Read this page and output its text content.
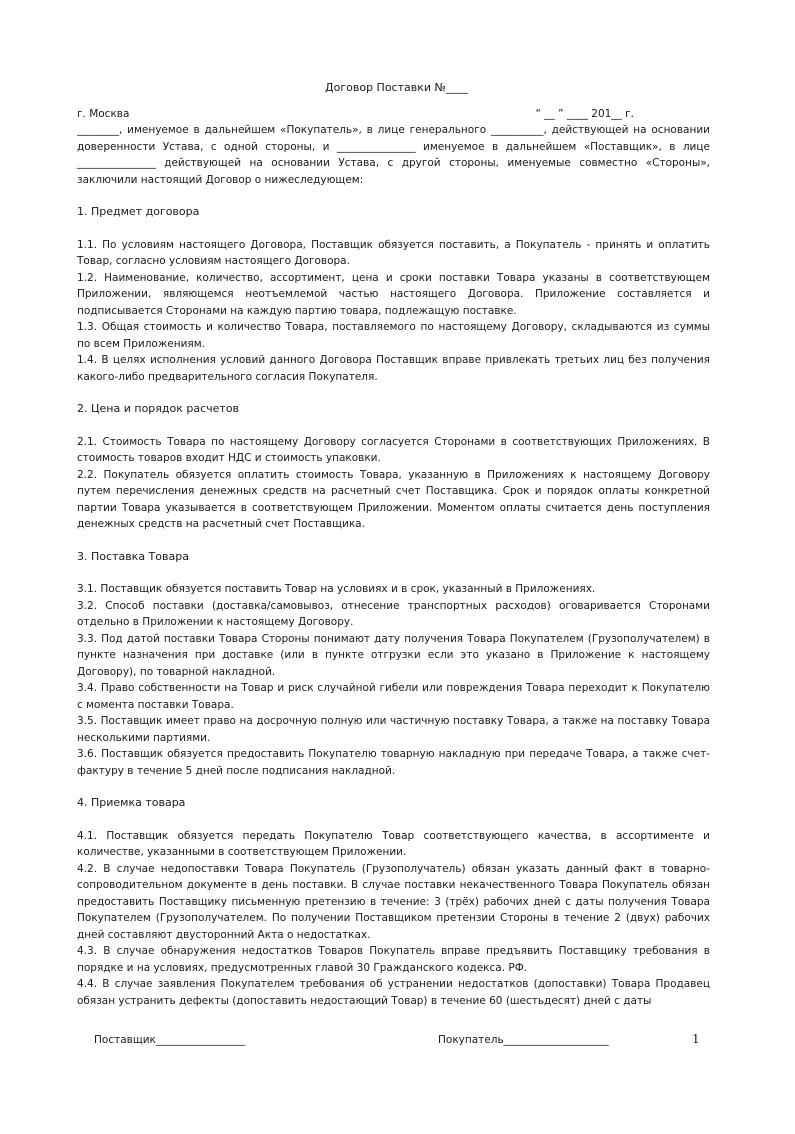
Договор Поставки №____

г. Москва	“ __ ” ____ 201__ г.

________, именуемое в дальнейшем «Покупатель», в лице генерального __________, действующей на основании доверенности Устава, с одной стороны, и _______________ именуемое в дальнейшем «Поставщик», в лице _______________ действующей на основании Устава, с другой стороны, именуемые совместно «Стороны», заключили настоящий Договор о нижеследующем:

1. Предмет договора

1.1. По условиям настоящего Договора, Поставщик обязуется поставить, а Покупатель - принять и оплатить Товар, согласно условиям настоящего Договора.

1.2. Наименование, количество, ассортимент, цена и сроки поставки Товара указаны в соответствующем Приложении, являющемся неотъемлемой частью настоящего Договора. Приложение составляется и подписывается Сторонами на каждую партию товара, подлежащую поставке.

1.3. Общая стоимость и количество Товара, поставляемого по настоящему Договору, складываются из суммы по всем Приложениям.

1.4. В целях исполнения условий данного Договора Поставщик вправе привлекать третьих лиц без получения какого-либо предварительного согласия Покупателя.

2. Цена и порядок расчетов

2.1. Стоимость Товара по настоящему Договору согласуется Сторонами в соответствующих Приложениях. В стоимость товаров входит НДС и стоимость упаковки.

2.2. Покупатель обязуется оплатить стоимость Товара, указанную в Приложениях к настоящему Договору путем перечисления денежных средств на расчетный счет Поставщика. Срок и порядок оплаты конкретной партии Товара указывается в соответствующем Приложении. Моментом оплаты считается день поступления денежных средств на расчетный счет Поставщика.

3. Поставка Товара

3.1. Поставщик обязуется поставить Товар на условиях и в срок, указанный в Приложениях.

3.2. Способ поставки (доставка/самовывоз, отнесение транспортных расходов) оговаривается Сторонами отдельно в Приложении к настоящему Договору.

3.3. Под датой поставки Товара Стороны понимают дату получения Товара Покупателем (Грузополучателем) в пункте назначения при доставке (или в пункте отгрузки если это указано в Приложение к настоящему Договору), по товарной накладной.

3.4. Право собственности на Товар и риск случайной гибели или повреждения Товара переходит к Покупателю с момента поставки Товара.

3.5. Поставщик имеет право на досрочную полную или частичную поставку Товара, а также на поставку Товара несколькими партиями.

3.6. Поставщик обязуется предоставить Покупателю товарную накладную при передаче Товара, а также счет-фактуру в течение 5 дней после подписания накладной.

4. Приемка товара

4.1. Поставщик обязуется передать Покупателю Товар соответствующего качества, в ассортименте и количестве, указанными в соответствующем Приложении.

4.2. В случае недопоставки Товара Покупатель (Грузополучатель) обязан указать данный факт в товарно-сопроводительном документе в день поставки. В случае поставки некачественного Товара Покупатель обязан предоставить Поставщику письменную претензию в течение: 3 (трёх) рабочих дней с даты получения Товара Покупателем (Грузополучателем. По получении Поставщиком претензии Стороны в течение 2 (двух) рабочих дней составляют двусторонний Акта о недостатках.

4.3. В случае обнаружения недостатков Товаров Покупатель вправе предъявить Поставщику требования в порядке и на условиях, предусмотренных главой 30 Гражданского кодекса. РФ.

4.4. В случае заявления Покупателем требования об устранении недостатков (допоставки) Товара Продавец обязан устранить дефекты (допоставить недостающий Товар) в течение 60 (шестьдесят) дней с даты

Поставщик_________________	Покупатель____________________	1
